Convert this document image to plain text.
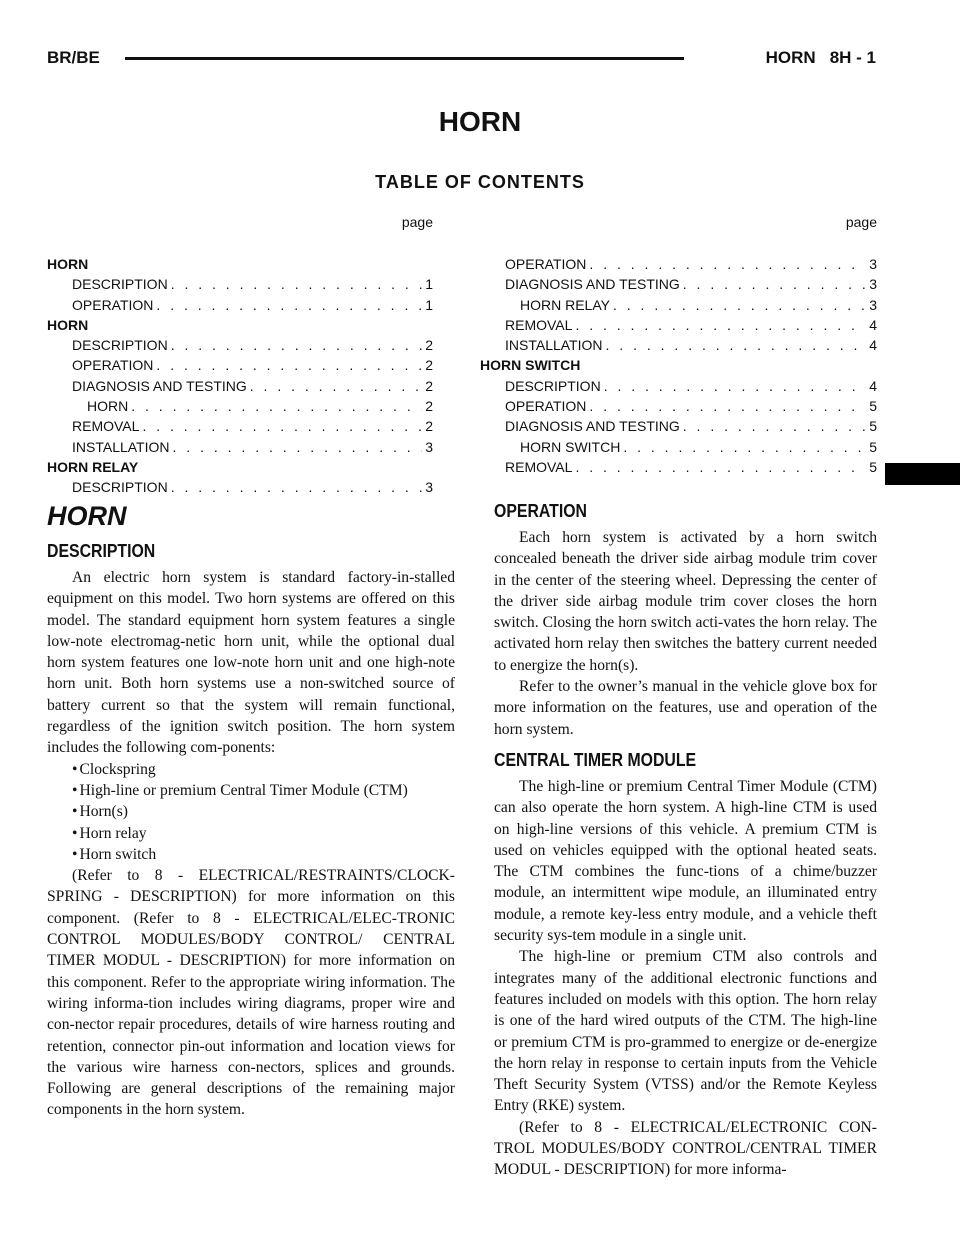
BR/BE	HORN 8H - 1
HORN
TABLE OF CONTENTS
page
HORN
DESCRIPTION . . .	1
OPERATION . . .	1
HORN
DESCRIPTION . . .	2
OPERATION . . .	2
DIAGNOSIS AND TESTING . . .	2
HORN . . .	2
REMOVAL . . .	2
INSTALLATION . . .	3
HORN RELAY
DESCRIPTION . . .	3
page
OPERATION . . .	3
DIAGNOSIS AND TESTING . . .	3
HORN RELAY . . .	3
REMOVAL . . .	4
INSTALLATION . . .	4
HORN SWITCH
DESCRIPTION . . .	4
OPERATION . . .	5
DIAGNOSIS AND TESTING . . .	5
HORN SWITCH . . .	5
REMOVAL . . .	5
HORN
DESCRIPTION

An electric horn system is standard factory-in-stalled equipment on this model. Two horn systems are offered on this model. The standard equipment horn system features a single low-note electromag-netic horn unit, while the optional dual horn system features one low-note horn unit and one high-note horn unit. Both horn systems use a non-switched source of battery current so that the system will remain functional, regardless of the ignition switch position. The horn system includes the following com-ponents:

• Clockspring
• High-line or premium Central Timer Module (CTM)
• Horn(s)
• Horn relay
• Horn switch

(Refer to 8 - ELECTRICAL/RESTRAINTS/CLOCK-SPRING - DESCRIPTION) for more information on this component. (Refer to 8 - ELECTRICAL/ELEC-TRONIC CONTROL MODULES/BODY CONTROL/ CENTRAL TIMER MODUL - DESCRIPTION) for more information on this component. Refer to the appropriate wiring information. The wiring informa-tion includes wiring diagrams, proper wire and con-nector repair procedures, details of wire harness routing and retention, connector pin-out information and location views for the various wire harness con-nectors, splices and grounds. Following are general descriptions of the remaining major components in the horn system.

OPERATION

Each horn system is activated by a horn switch concealed beneath the driver side airbag module trim cover in the center of the steering wheel. Depressing the center of the driver side airbag module trim cover closes the horn switch. Closing the horn switch acti-vates the horn relay. The activated horn relay then switches the battery current needed to energize the horn(s).

Refer to the owner’s manual in the vehicle glove box for more information on the features, use and operation of the horn system.

CENTRAL TIMER MODULE

The high-line or premium Central Timer Module (CTM) can also operate the horn system. A high-line CTM is used on high-line versions of this vehicle. A premium CTM is used on vehicles equipped with the optional heated seats. The CTM combines the func-tions of a chime/buzzer module, an intermittent wipe module, an illuminated entry module, a remote key-less entry module, and a vehicle theft security sys-tem module in a single unit.

The high-line or premium CTM also controls and integrates many of the additional electronic functions and features included on models with this option. The horn relay is one of the hard wired outputs of the CTM. The high-line or premium CTM is pro-grammed to energize or de-energize the horn relay in response to certain inputs from the Vehicle Theft Security System (VTSS) and/or the Remote Keyless Entry (RKE) system.

(Refer to 8 - ELECTRICAL/ELECTRONIC CON-TROL MODULES/BODY CONTROL/CENTRAL TIMER MODUL - DESCRIPTION) for more informa-
